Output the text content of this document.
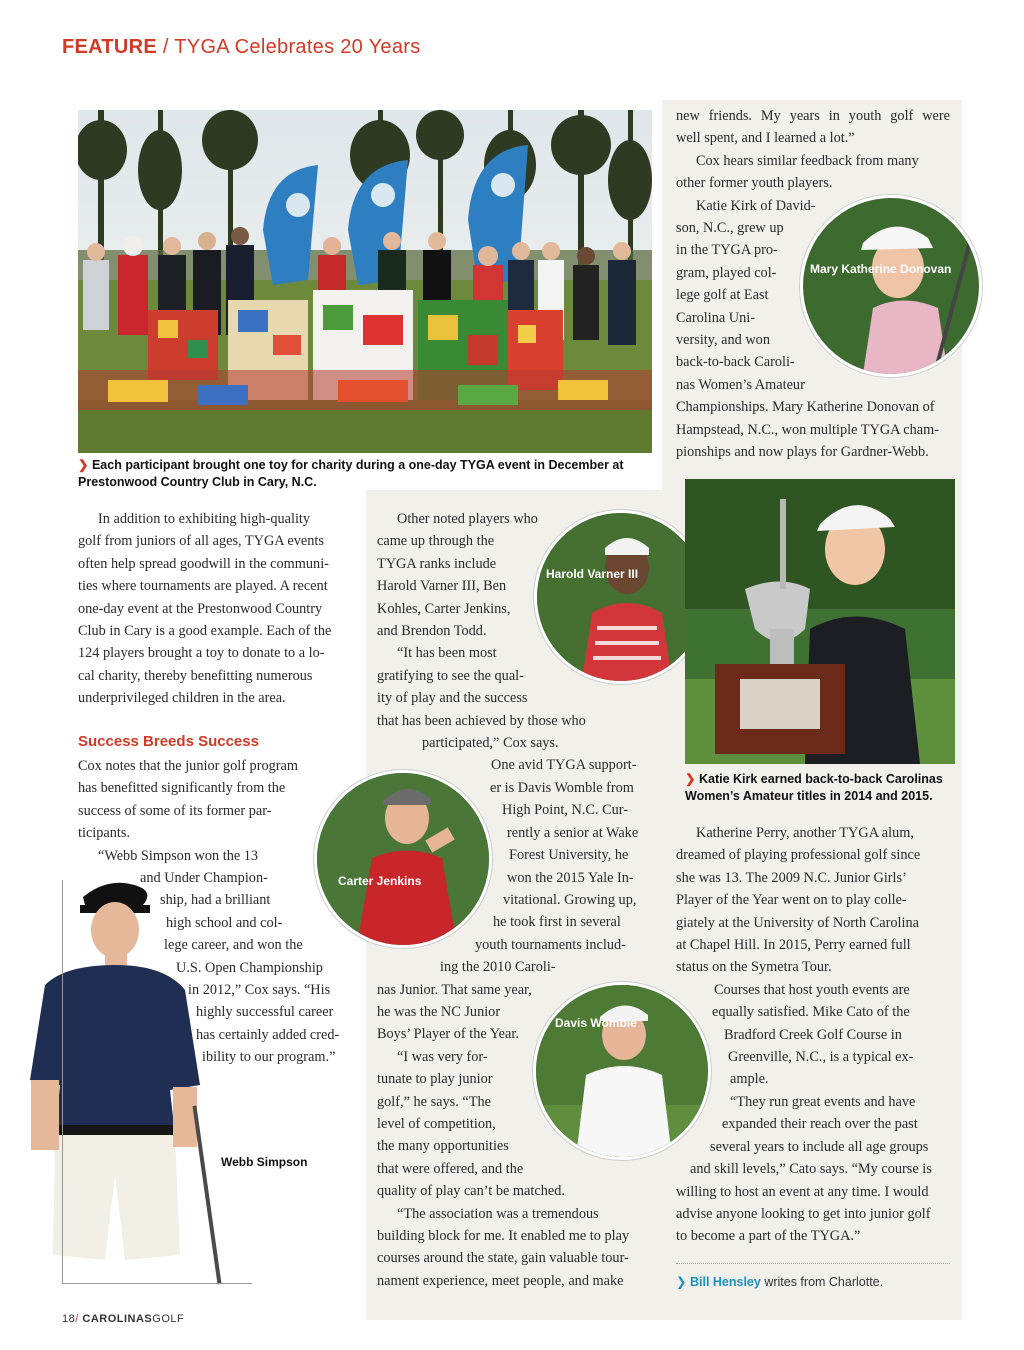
FEATURE / TYGA Celebrates 20 Years
❯ Each participant brought one toy for charity during a one-day TYGA event in December at Prestonwood Country Club in Cary, N.C.

In addition to exhibiting high-quality

golf from juniors of all ages, TYGA events

often help spread goodwill in the communi-

ties where tournaments are played. A recent

one-day event at the Prestonwood Country

Club in Cary is a good example. Each of the

124 players brought a toy to donate to a lo-

cal charity, thereby benefitting numerous

underprivileged children in the area.

Success Breeds Success

Cox notes that the junior golf program

has benefitted significantly from the

success of some of its former par-

ticipants.

“Webb Simpson won the 13

and Under Champion-

ship, had a brilliant

high school and col-

lege career, and won the

U.S. Open Championship

in 2012,” Cox says. “His

highly successful career

has certainly added cred-

ibility to our program.”

Webb Simpson

Other noted players who

came up through the

TYGA ranks include

Harold Varner III, Ben

Kohles, Carter Jenkins,

and Brendon Todd.

“It has been most

gratifying to see the qual-

ity of play and the success

that has been achieved by those who

participated,” Cox says.

One avid TYGA support-

er is Davis Womble from

High Point, N.C. Cur-

rently a senior at Wake

Forest University, he

won the 2015 Yale In-

vitational. Growing up,

he took first in several

youth tournaments includ-

ing the 2010 Caroli-

nas Junior. That same year,

he was the NC Junior

Boys’ Player of the Year.

“I was very for-

tunate to play junior

golf,” he says. “The

level of competition,

the many opportunities

that were offered, and the

quality of play can’t be matched.

“The association was a tremendous

building block for me. It enabled me to play

courses around the state, gain valuable tour-

nament experience, meet people, and make

Harold Varner III
Carter Jenkins
Davis Womble

new friends. My years in youth golf were

well spent, and I learned a lot.”

Cox hears similar feedback from many

other former youth players.

Katie Kirk of David-

son, N.C., grew up

in the TYGA pro-

gram, played col-

lege golf at East

Carolina Uni-

versity, and won

back-to-back Caroli-

nas Women’s Amateur

Championships. Mary Katherine Donovan of

Hampstead, N.C., won multiple TYGA cham-

pionships and now plays for Gardner-Webb.

Mary Katherine Donovan
❯ Katie Kirk earned back-to-back Carolinas Women’s Amateur titles in 2014 and 2015.

Katherine Perry, another TYGA alum,

dreamed of playing professional golf since

she was 13. The 2009 N.C. Junior Girls’

Player of the Year went on to play colle-

giately at the University of North Carolina

at Chapel Hill. In 2015, Perry earned full

status on the Symetra Tour.

Courses that host youth events are

equally satisfied. Mike Cato of the

Bradford Creek Golf Course in

Greenville, N.C., is a typical ex-

ample.

“They run great events and have

expanded their reach over the past

several years to include all age groups

and skill levels,” Cato says. “My course is

willing to host an event at any time. I would

advise anyone looking to get into junior golf

to become a part of the TYGA.”

❯ Bill Hensley writes from Charlotte.
18/ CAROLINASGOLF
